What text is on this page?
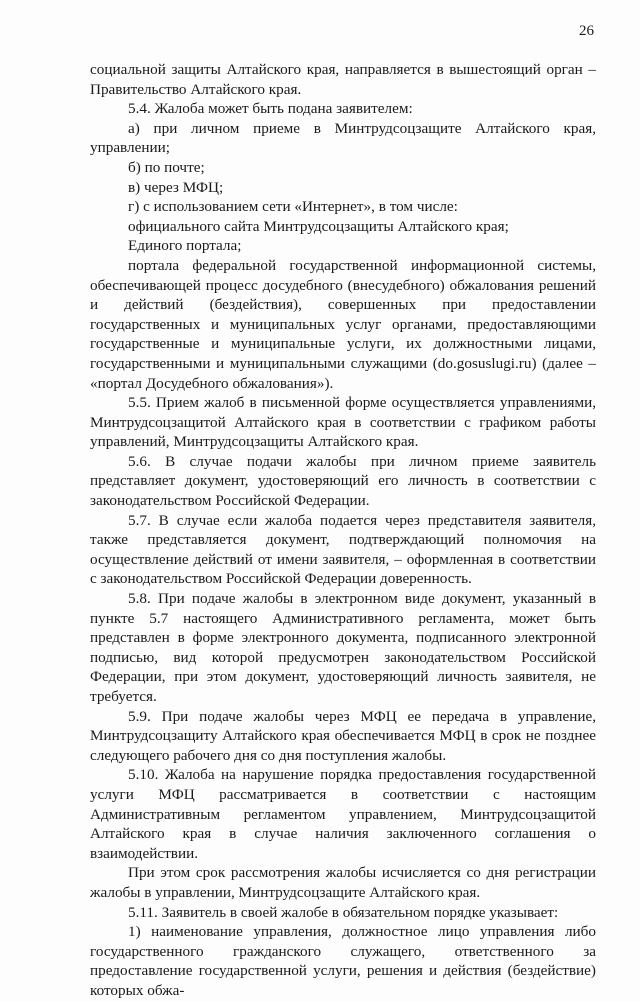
26

социальной защиты Алтайского края, направляется в вышестоящий орган – Правительство Алтайского края.

5.4. Жалоба может быть подана заявителем:

а) при личном приеме в Минтрудсоцзащите Алтайского края, управлении;

б) по почте;

в) через МФЦ;

г) с использованием сети «Интернет», в том числе:

официального сайта Минтрудсоцзащиты Алтайского края;

Единого портала;

портала федеральной государственной информационной системы, обеспечивающей процесс досудебного (внесудебного) обжалования решений и действий (бездействия), совершенных при предоставлении государственных и муниципальных услуг органами, предоставляющими государственные и муниципальные услуги, их должностными лицами, государственными и муниципальными служащими (do.gosuslugi.ru) (далее – «портал Досудебного обжалования»).

5.5. Прием жалоб в письменной форме осуществляется управлениями, Минтрудсоцзащитой Алтайского края в соответствии с графиком работы управлений, Минтрудсоцзащиты Алтайского края.

5.6. В случае подачи жалобы при личном приеме заявитель представляет документ, удостоверяющий его личность в соответствии с законодательством Российской Федерации.

5.7. В случае если жалоба подается через представителя заявителя, также представляется документ, подтверждающий полномочия на осуществление действий от имени заявителя, – оформленная в соответствии с законодательством Российской Федерации доверенность.

5.8. При подаче жалобы в электронном виде документ, указанный в пункте 5.7 настоящего Административного регламента, может быть представлен в форме электронного документа, подписанного электронной подписью, вид которой предусмотрен законодательством Российской Федерации, при этом документ, удостоверяющий личность заявителя, не требуется.

5.9. При подаче жалобы через МФЦ ее передача в управление, Минтрудсоцзащиту Алтайского края обеспечивается МФЦ в срок не позднее следующего рабочего дня со дня поступления жалобы.

5.10. Жалоба на нарушение порядка предоставления государственной услуги МФЦ рассматривается в соответствии с настоящим Административным регламентом управлением, Минтрудсоцзащитой Алтайского края в случае наличия заключенного соглашения о взаимодействии.

При этом срок рассмотрения жалобы исчисляется со дня регистрации жалобы в управлении, Минтрудсоцзащите Алтайского края.

5.11. Заявитель в своей жалобе в обязательном порядке указывает:

1) наименование управления, должностное лицо управления либо государственного гражданского служащего, ответственного за предоставление государственной услуги, решения и действия (бездействие) которых обжа-
